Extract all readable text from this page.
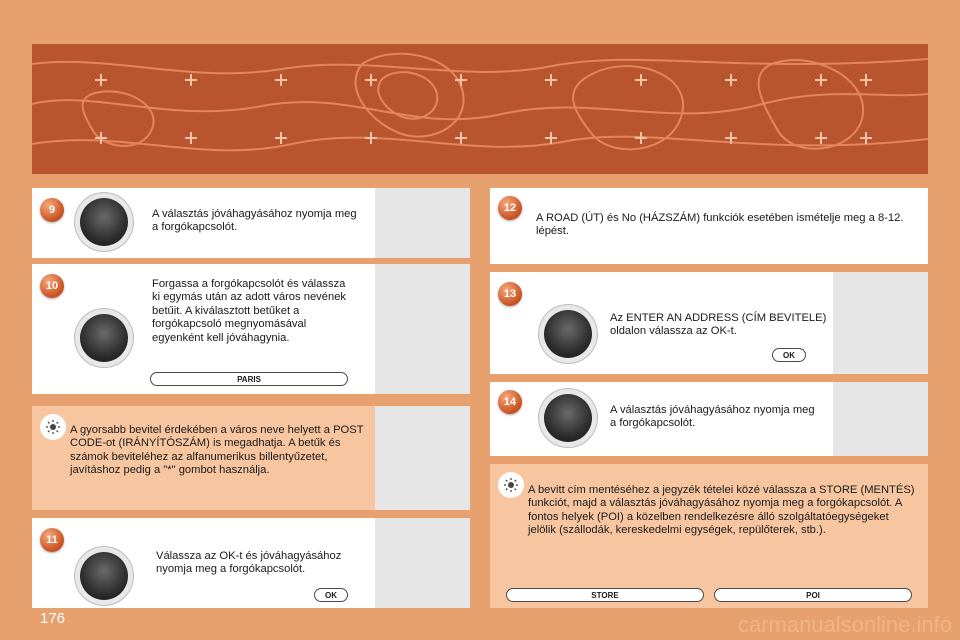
9	A választás jóváhagyásához nyomja meg a forgókapcsolót.
10	Forgassa a forgókapcsolót és válassza ki egymás után az adott város nevének betűit. A kiválasztott betűket a forgókapcsoló megnyomásával egyenként kell jóváhagynia.
PARIS
A gyorsabb bevitel érdekében a város neve helyett a POST CODE-ot (IRÁNYÍTÓSZÁM) is megadhatja. A betűk és számok beviteléhez az alfanumerikus billentyűzetet, javításhoz pedig a "*" gombot használja.
11
Válassza az OK-t és jóváhagyásához nyomja meg a forgókapcsolót.
OK
12
A ROAD (ÚT) és No (HÁZSZÁM) funkciók esetében ismételje meg a 8-12. lépést.
13
Az ENTER AN ADDRESS (CÍM BEVITELE) oldalon válassza az OK-t.
OK
14
A választás jóváhagyásához nyomja meg a forgókapcsolót.
A bevitt cím mentéséhez a jegyzék tételei közé válassza a STORE (MENTÉS) funkciót, majd a választás jóváhagyásához nyomja meg a forgókapcsolót. A fontos helyek (POI) a közelben rendelkezésre álló szolgáltatóegységeket jelölik (szállodák, kereskedelmi egységek, repülőterek, stb.).
STORE	POI
176	carmanualsonline.info
